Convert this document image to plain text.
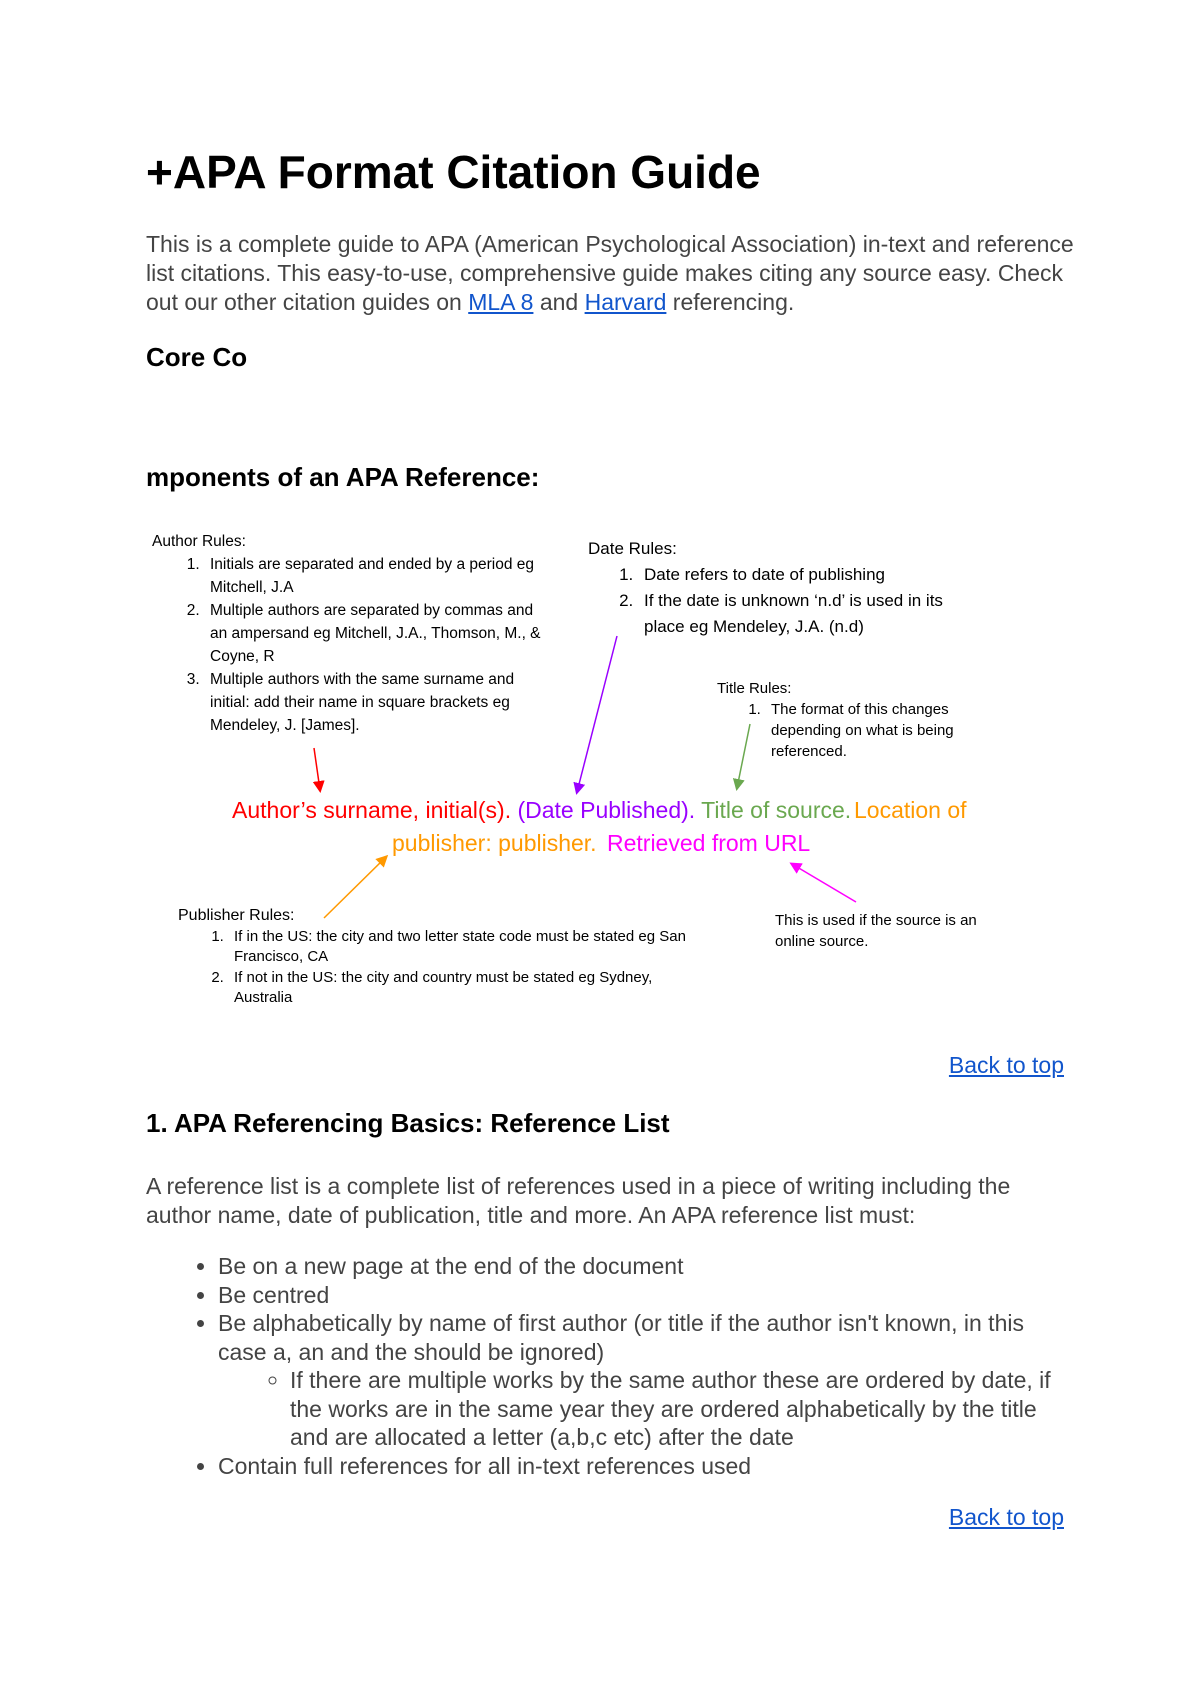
+APA Format Citation Guide

This is a complete guide to APA (American Psychological Association) in-text and reference list citations. This easy-to-use, comprehensive guide makes citing any source easy. Check out our other citation guides on MLA 8 and Harvard referencing.

Core Co
mponents of an APA Reference:

Author Rules:

1. Initials are separated and ended by a period eg Mitchell, J.A
2. Multiple authors are separated by commas and an ampersand eg Mitchell, J.A., Thomson, M., & Coyne, R
3. Multiple authors with the same surname and initial: add their name in square brackets eg Mendeley, J. [James].

Date Rules:

1. Date refers to date of publishing
2. If the date is unknown ‘n.d’ is used in its place eg Mendeley, J.A. (n.d)

Title Rules:

1. The format of this changes depending on what is being referenced.
Author’s surname, initial(s). (Date Published). Title of source. Location of publisher: publisher. Retrieved from URL

Publisher Rules:

1. If in the US: the city and two letter state code must be stated eg San Francisco, CA
2. If not in the US: the city and country must be stated eg Sydney, Australia
This is used if the source is an online source.
Back to top
1. APA Referencing Basics: Reference List

A reference list is a complete list of references used in a piece of writing including the author name, date of publication, title and more. An APA reference list must:

• Be on a new page at the end of the document
• Be centred
• Be alphabetically by name of first author (or title if the author isn't known, in this case a, an and the should be ignored)
◦ If there are multiple works by the same author these are ordered by date, if the works are in the same year they are ordered alphabetically by the title and are allocated a letter (a,b,c etc) after the date
• Contain full references for all in-text references used
Back to top
